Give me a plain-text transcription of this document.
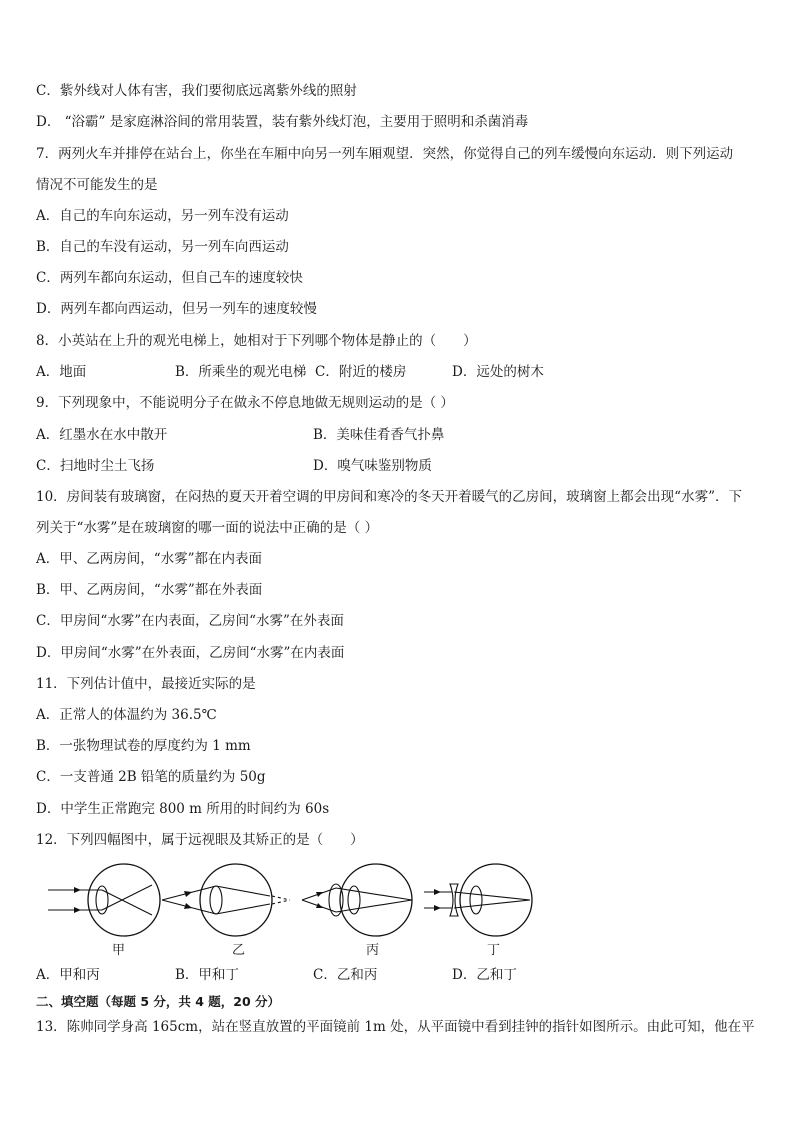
C．紫外线对人体有害，我们要彻底远离紫外线的照射
D． “浴霸” 是家庭淋浴间的常用装置，装有紫外线灯泡，主要用于照明和杀菌消毒
7．两列火车并排停在站台上，你坐在车厢中向另一列车厢观望．突然，你觉得自己的列车缓慢向东运动．则下列运动
情况不可能发生的是
A．自己的车向东运动，另一列车没有运动
B．自己的车没有运动，另一列车向西运动
C．两列车都向东运动，但自己车的速度较快
D．两列车都向西运动，但另一列车的速度较慢
8．小英站在上升的观光电梯上，她相对于下列哪个物体是静止的（　　）
A．地面	B．所乘坐的观光电梯 C．附近的楼房	D．远处的树木
9．下列现象中，不能说明分子在做永不停息地做无规则运动的是（ ）
A．红墨水在水中散开	B．美味佳肴香气扑鼻
C．扫地时尘土飞扬	D．嗅气味鉴别物质
10．房间装有玻璃窗，在闷热的夏天开着空调的甲房间和寒冷的冬天开着暖气的乙房间，玻璃窗上都会出现“水雾”．下
列关于“水雾”是在玻璃窗的哪一面的说法中正确的是（ ）
A．甲、乙两房间，“水雾”都在内表面
B．甲、乙两房间，“水雾”都在外表面
C．甲房间“水雾”在内表面，乙房间“水雾”在外表面
D．甲房间“水雾”在外表面，乙房间“水雾”在内表面
11．下列估计值中，最接近实际的是
A．正常人的体温约为 36.5℃
B．一张物理试卷的厚度约为 1 mm
C．一支普通 2B 铅笔的质量约为 50g
D．中学生正常跑完 800 m 所用的时间约为 60s
12．下列四幅图中，属于远视眼及其矫正的是（　　）
甲	乙	丙	丁
A．甲和丙	B．甲和丁	C．乙和丙	D．乙和丁
二、填空题（每题 5 分，共 4 题，20 分）
13．陈帅同学身高 165cm，站在竖直放置的平面镜前 1m 处，从平面镜中看到挂钟的指针如图所示。由此可知，他在平
